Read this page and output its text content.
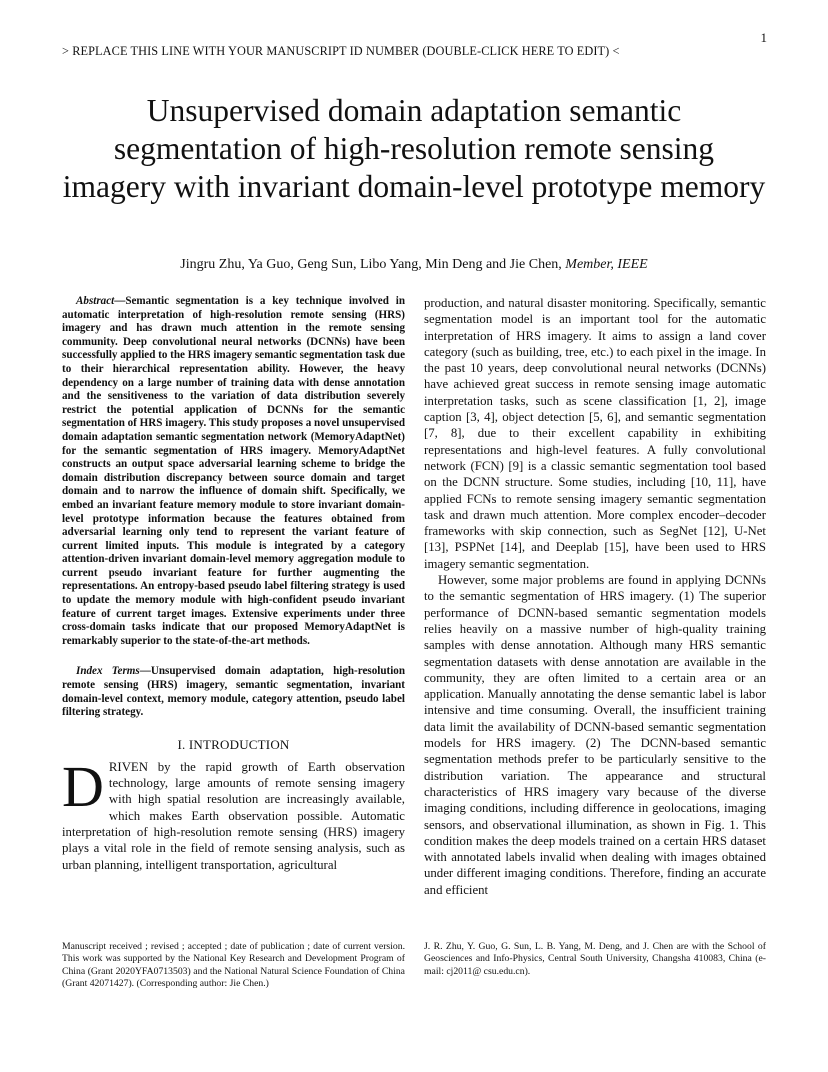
1
> REPLACE THIS LINE WITH YOUR MANUSCRIPT ID NUMBER (DOUBLE-CLICK HERE TO EDIT) <
Unsupervised domain adaptation semantic segmentation of high-resolution remote sensing imagery with invariant domain-level prototype memory
Jingru Zhu, Ya Guo, Geng Sun, Libo Yang, Min Deng and Jie Chen, Member, IEEE

Abstract—Semantic segmentation is a key technique involved in automatic interpretation of high-resolution remote sensing (HRS) imagery and has drawn much attention in the remote sensing community. Deep convolutional neural networks (DCNNs) have been successfully applied to the HRS imagery semantic segmentation task due to their hierarchical representation ability. However, the heavy dependency on a large number of training data with dense annotation and the sensitiveness to the variation of data distribution severely restrict the potential application of DCNNs for the semantic segmentation of HRS imagery. This study proposes a novel unsupervised domain adaptation semantic segmentation network (MemoryAdaptNet) for the semantic segmentation of HRS imagery. MemoryAdaptNet constructs an output space adversarial learning scheme to bridge the domain distribution discrepancy between source domain and target domain and to narrow the influence of domain shift. Specifically, we embed an invariant feature memory module to store invariant domain-level prototype information because the features obtained from adversarial learning only tend to represent the variant feature of current limited inputs. This module is integrated by a category attention-driven invariant domain-level memory aggregation module to current pseudo invariant feature for further augmenting the representations. An entropy-based pseudo label filtering strategy is used to update the memory module with high-confident pseudo invariant feature of current target images. Extensive experiments under three cross-domain tasks indicate that our proposed MemoryAdaptNet is remarkably superior to the state-of-the-art methods.

Index Terms—Unsupervised domain adaptation, high-resolution remote sensing (HRS) imagery, semantic segmentation, invariant domain-level context, memory module, category attention, pseudo label filtering strategy.

I. INTRODUCTION

DRIVEN by the rapid growth of Earth observation technology, large amounts of remote sensing imagery with high spatial resolution are increasingly available, which makes Earth observation possible. Automatic interpretation of high-resolution remote sensing (HRS) imagery plays a vital role in the field of remote sensing analysis, such as urban planning, intelligent transportation, agricultural

production, and natural disaster monitoring. Specifically, semantic segmentation model is an important tool for the automatic interpretation of HRS imagery. It aims to assign a land cover category (such as building, tree, etc.) to each pixel in the image. In the past 10 years, deep convolutional neural networks (DCNNs) have achieved great success in remote sensing image automatic interpretation tasks, such as scene classification [1, 2], image caption [3, 4], object detection [5, 6], and semantic segmentation [7, 8], due to their excellent capability in exhibiting representations and high-level features. A fully convolutional network (FCN) [9] is a classic semantic segmentation tool based on the DCNN structure. Some studies, including [10, 11], have applied FCNs to remote sensing imagery semantic segmentation task and drawn much attention. More complex encoder–decoder frameworks with skip connection, such as SegNet [12], U-Net [13], PSPNet [14], and Deeplab [15], have been used to HRS imagery semantic segmentation.

However, some major problems are found in applying DCNNs to the semantic segmentation of HRS imagery. (1) The superior performance of DCNN-based semantic segmentation models relies heavily on a massive number of high-quality training samples with dense annotation. Although many HRS semantic segmentation datasets with dense annotation are available in the community, they are often limited to a certain area or an application. Manually annotating the dense semantic label is labor intensive and time consuming. Overall, the insufficient training data limit the availability of DCNN-based semantic segmentation models for HRS imagery. (2) The DCNN-based semantic segmentation methods prefer to be particularly sensitive to the distribution variation. The appearance and structural characteristics of HRS imagery vary because of the diverse imaging conditions, including difference in geolocations, imaging sensors, and observational illumination, as shown in Fig. 1. This condition makes the deep models trained on a certain HRS dataset with annotated labels invalid when dealing with images obtained under different imaging conditions. Therefore, finding an accurate and efficient

Manuscript received ; revised ; accepted ; date of publication ; date of current version. This work was supported by the National Key Research and Development Program of China (Grant 2020YFA0713503) and the National Natural Science Foundation of China (Grant 42071427). (Corresponding author: Jie Chen.)
J. R. Zhu, Y. Guo, G. Sun, L. B. Yang, M. Deng, and J. Chen are with the School of Geosciences and Info-Physics, Central South University, Changsha 410083, China (e-mail: cj2011@ csu.edu.cn).
